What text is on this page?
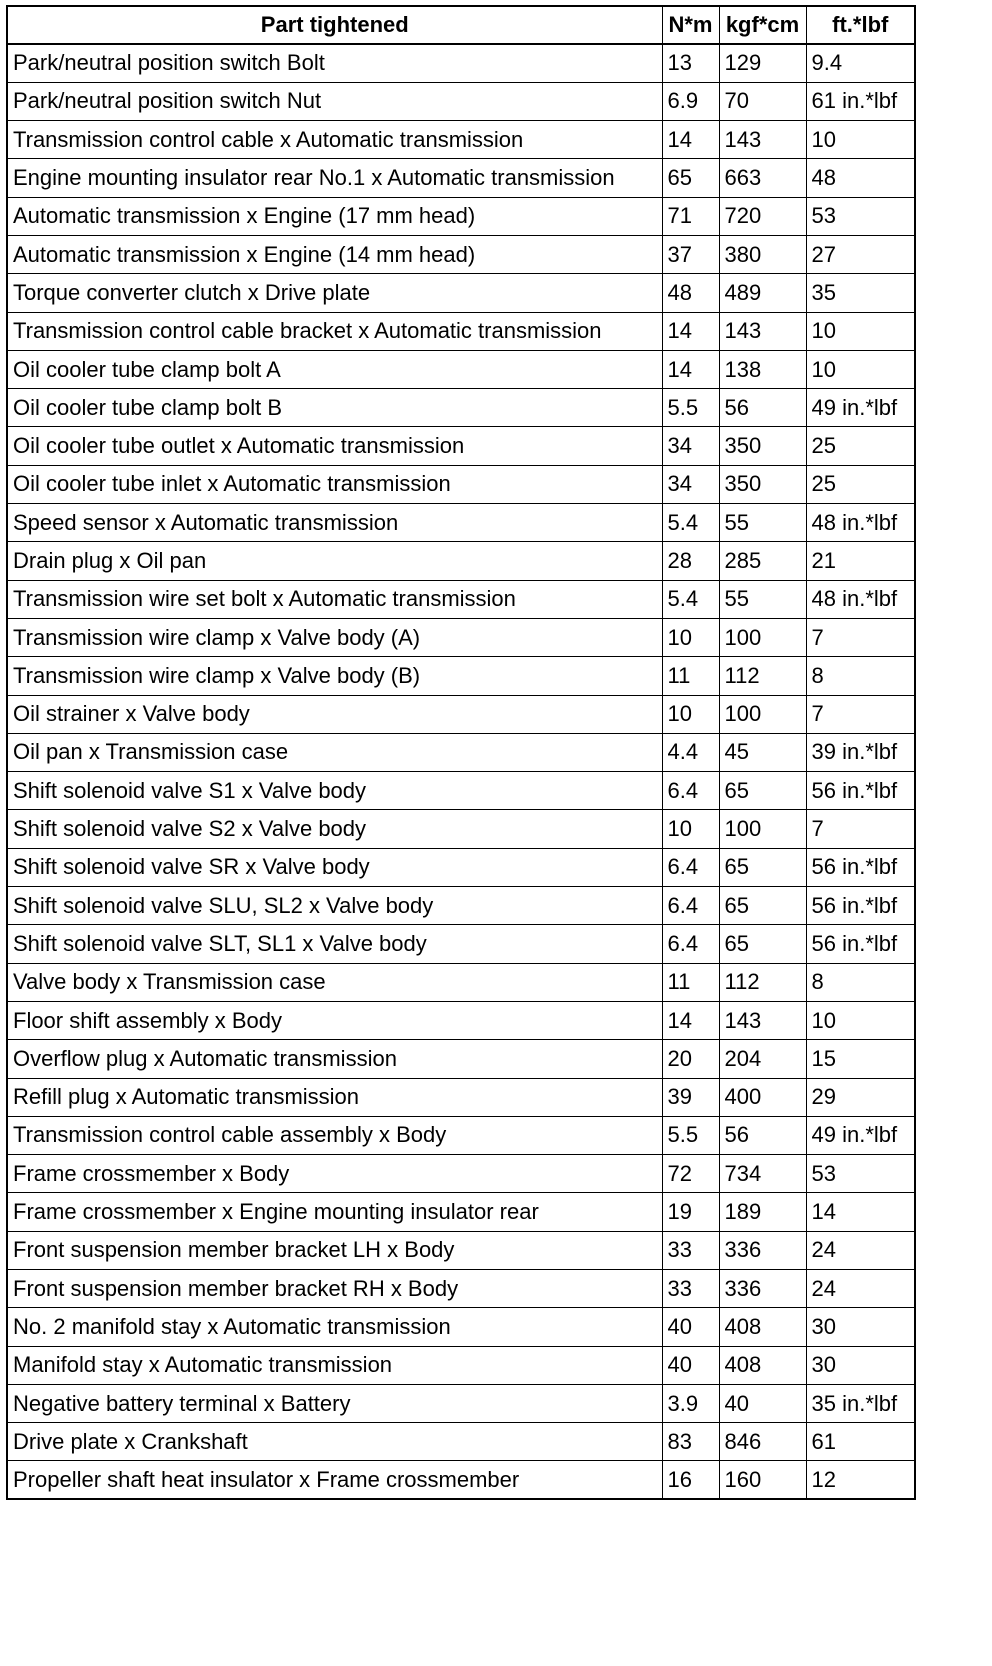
Part tightened	N*m	kgf*cm	ft.*lbf
Park/neutral position switch Bolt	13	129	9.4
Park/neutral position switch Nut	6.9	70	61 in.*lbf
Transmission control cable x Automatic transmission	14	143	10
Engine mounting insulator rear No.1 x Automatic transmission	65	663	48
Automatic transmission x Engine (17 mm head)	71	720	53
Automatic transmission x Engine (14 mm head)	37	380	27
Torque converter clutch x Drive plate	48	489	35
Transmission control cable bracket x Automatic transmission	14	143	10
Oil cooler tube clamp bolt A	14	138	10
Oil cooler tube clamp bolt B	5.5	56	49 in.*lbf
Oil cooler tube outlet x Automatic transmission	34	350	25
Oil cooler tube inlet x Automatic transmission	34	350	25
Speed sensor x Automatic transmission	5.4	55	48 in.*lbf
Drain plug x Oil pan	28	285	21
Transmission wire set bolt x Automatic transmission	5.4	55	48 in.*lbf
Transmission wire clamp x Valve body (A)	10	100	7
Transmission wire clamp x Valve body (B)	11	112	8
Oil strainer x Valve body	10	100	7
Oil pan x Transmission case	4.4	45	39 in.*lbf
Shift solenoid valve S1 x Valve body	6.4	65	56 in.*lbf
Shift solenoid valve S2 x Valve body	10	100	7
Shift solenoid valve SR x Valve body	6.4	65	56 in.*lbf
Shift solenoid valve SLU, SL2 x Valve body	6.4	65	56 in.*lbf
Shift solenoid valve SLT, SL1 x Valve body	6.4	65	56 in.*lbf
Valve body x Transmission case	11	112	8
Floor shift assembly x Body	14	143	10
Overflow plug x Automatic transmission	20	204	15
Refill plug x Automatic transmission	39	400	29
Transmission control cable assembly x Body	5.5	56	49 in.*lbf
Frame crossmember x Body	72	734	53
Frame crossmember x Engine mounting insulator rear	19	189	14
Front suspension member bracket LH x Body	33	336	24
Front suspension member bracket RH x Body	33	336	24
No. 2 manifold stay x Automatic transmission	40	408	30
Manifold stay x Automatic transmission	40	408	30
Negative battery terminal x Battery	3.9	40	35 in.*lbf
Drive plate x Crankshaft	83	846	61
Propeller shaft heat insulator x Frame crossmember	16	160	12
